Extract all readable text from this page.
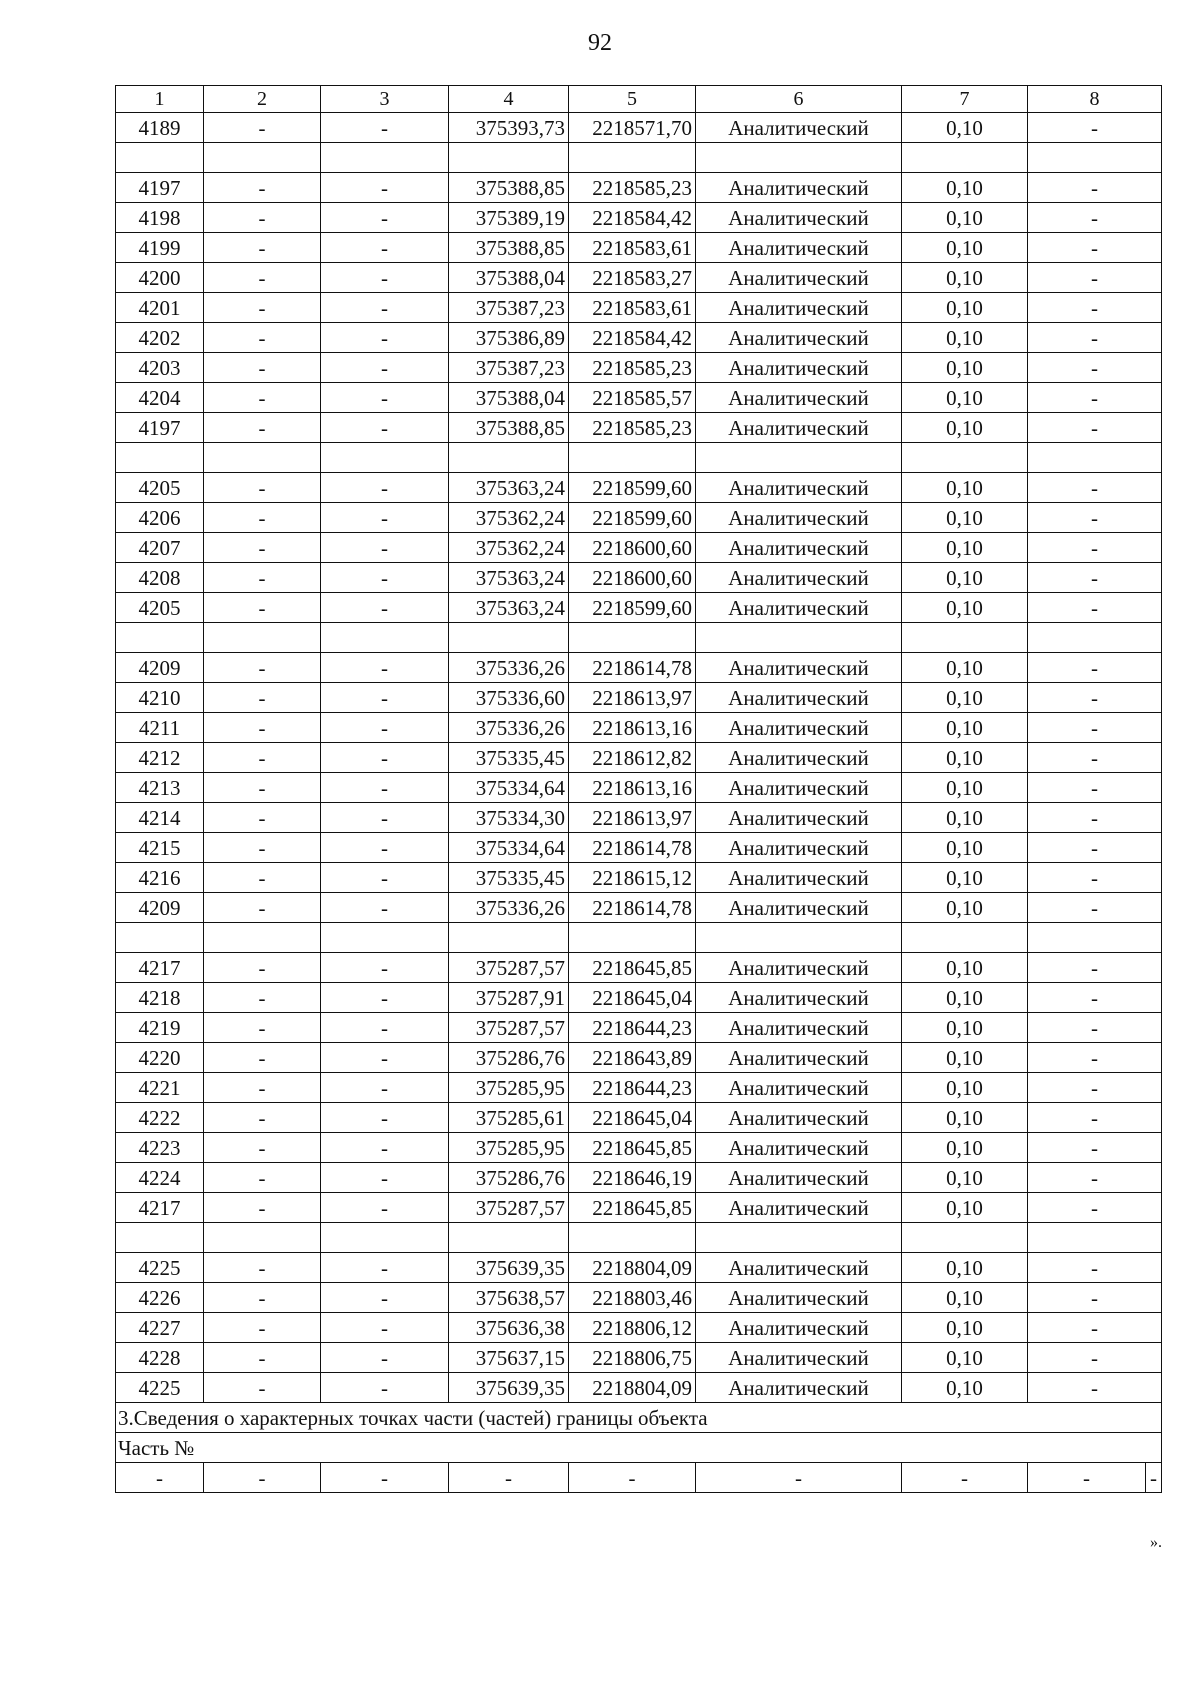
92
1	2	3	4	5	6	7	8	
4189	-	-	375393,73	2218571,70	Аналитический	0,10	-	

4197	-	-	375388,85	2218585,23	Аналитический	0,10	-	
4198	-	-	375389,19	2218584,42	Аналитический	0,10	-	
4199	-	-	375388,85	2218583,61	Аналитический	0,10	-	
4200	-	-	375388,04	2218583,27	Аналитический	0,10	-	
4201	-	-	375387,23	2218583,61	Аналитический	0,10	-	
4202	-	-	375386,89	2218584,42	Аналитический	0,10	-	
4203	-	-	375387,23	2218585,23	Аналитический	0,10	-	
4204	-	-	375388,04	2218585,57	Аналитический	0,10	-	
4197	-	-	375388,85	2218585,23	Аналитический	0,10	-	

4205	-	-	375363,24	2218599,60	Аналитический	0,10	-	
4206	-	-	375362,24	2218599,60	Аналитический	0,10	-	
4207	-	-	375362,24	2218600,60	Аналитический	0,10	-	
4208	-	-	375363,24	2218600,60	Аналитический	0,10	-	
4205	-	-	375363,24	2218599,60	Аналитический	0,10	-	

4209	-	-	375336,26	2218614,78	Аналитический	0,10	-	
4210	-	-	375336,60	2218613,97	Аналитический	0,10	-	
4211	-	-	375336,26	2218613,16	Аналитический	0,10	-	
4212	-	-	375335,45	2218612,82	Аналитический	0,10	-	
4213	-	-	375334,64	2218613,16	Аналитический	0,10	-	
4214	-	-	375334,30	2218613,97	Аналитический	0,10	-	
4215	-	-	375334,64	2218614,78	Аналитический	0,10	-	
4216	-	-	375335,45	2218615,12	Аналитический	0,10	-	
4209	-	-	375336,26	2218614,78	Аналитический	0,10	-	

4217	-	-	375287,57	2218645,85	Аналитический	0,10	-	
4218	-	-	375287,91	2218645,04	Аналитический	0,10	-	
4219	-	-	375287,57	2218644,23	Аналитический	0,10	-	
4220	-	-	375286,76	2218643,89	Аналитический	0,10	-	
4221	-	-	375285,95	2218644,23	Аналитический	0,10	-	
4222	-	-	375285,61	2218645,04	Аналитический	0,10	-	
4223	-	-	375285,95	2218645,85	Аналитический	0,10	-	
4224	-	-	375286,76	2218646,19	Аналитический	0,10	-	
4217	-	-	375287,57	2218645,85	Аналитический	0,10	-	

4225	-	-	375639,35	2218804,09	Аналитический	0,10	-	
4226	-	-	375638,57	2218803,46	Аналитический	0,10	-	
4227	-	-	375636,38	2218806,12	Аналитический	0,10	-	
4228	-	-	375637,15	2218806,75	Аналитический	0,10	-	
4225	-	-	375639,35	2218804,09	Аналитический	0,10	-	
3.Сведения о характерных точках части (частей) границы объекта								
Часть №								
-	-	-	-	-	-	-	-	-
».
